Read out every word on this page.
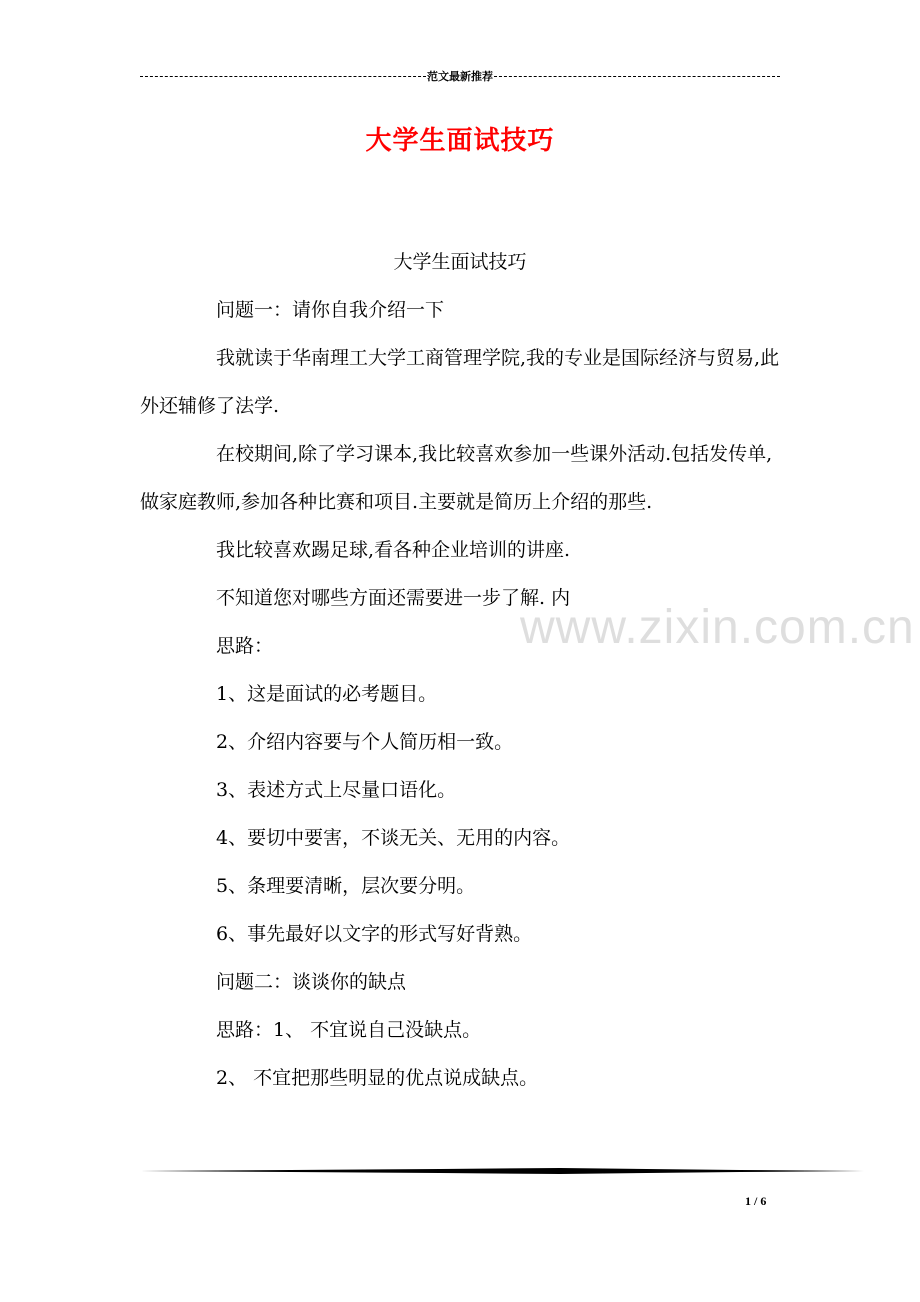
范文最新推荐
大学生面试技巧
www.zixin.com.cn

大学生面试技巧

问题一：请你自我介绍一下

我就读于华南理工大学工商管理学院,我的专业是国际经济与贸易,此外还辅修了法学.

在校期间,除了学习课本,我比较喜欢参加一些课外活动.包括发传单,做家庭教师,参加各种比赛和项目.主要就是简历上介绍的那些.

我比较喜欢踢足球,看各种企业培训的讲座.

不知道您对哪些方面还需要进一步了解. 内

思路：

1、这是面试的必考题目。

2、介绍内容要与个人简历相一致。

3、表述方式上尽量口语化。

4、要切中要害，不谈无关、无用的内容。

5、条理要清晰，层次要分明。

6、事先最好以文字的形式写好背熟。

问题二：谈谈你的缺点

思路：1、 不宜说自己没缺点。

2、 不宜把那些明显的优点说成缺点。

1 / 6
